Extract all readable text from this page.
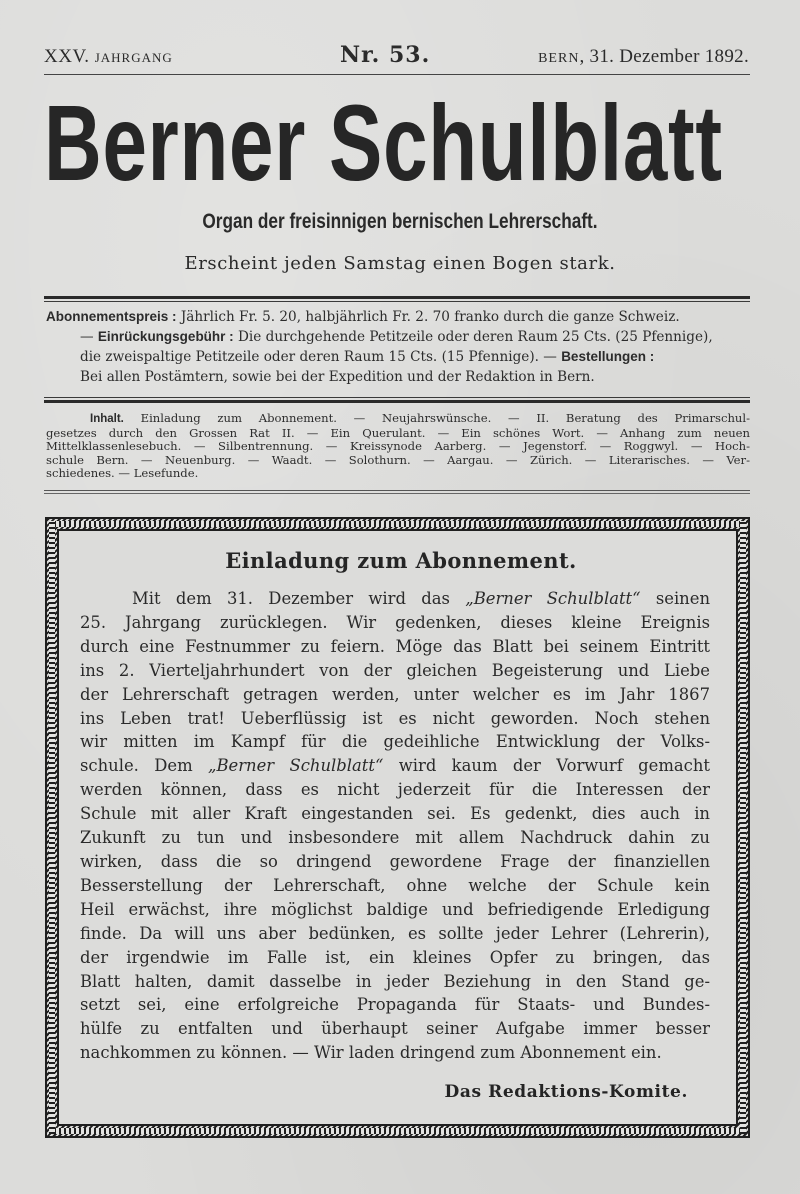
XXV. JAHRGANG	Nr. 53.	BERN, 31. Dezember 1892.
Berner Schulblatt
Organ der freisinnigen bernischen Lehrerschaft.
Erscheint jeden Samstag einen Bogen stark.
Abonnementspreis : Jährlich Fr. 5. 20, halbjährlich Fr. 2. 70 franko durch die ganze Schweiz.
— Einrückungsgebühr : Die durchgehende Petitzeile oder deren Raum 25 Cts. (25 Pfennige),
die zweispaltige Petitzeile oder deren Raum 15 Cts. (15 Pfennige). — Bestellungen :
Bei allen Postämtern, sowie bei der Expedition und der Redaktion in Bern.
Inhalt. Einladung zum Abonnement. — Neujahrswünsche. — II. Beratung des Primarschul-
gesetzes durch den Grossen Rat II. — Ein Querulant. — Ein schönes Wort. — Anhang zum neuen
Mittelklassenlesebuch. — Silbentrennung. — Kreissynode Aarberg. — Jegenstorf. — Roggwyl. — Hoch-
schule Bern. — Neuenburg. — Waadt. — Solothurn. — Aargau. — Zürich. — Literarisches. — Ver-
schiedenes. — Lesefunde.
Einladung zum Abonnement.
Mit dem 31. Dezember wird das „Berner Schulblatt“ seinen
25. Jahrgang zurücklegen. Wir gedenken, dieses kleine Ereignis
durch eine Festnummer zu feiern. Möge das Blatt bei seinem Eintritt
ins 2. Vierteljahrhundert von der gleichen Begeisterung und Liebe
der Lehrerschaft getragen werden, unter welcher es im Jahr 1867
ins Leben trat! Ueberflüssig ist es nicht geworden. Noch stehen
wir mitten im Kampf für die gedeihliche Entwicklung der Volks-
schule. Dem „Berner Schulblatt“ wird kaum der Vorwurf gemacht
werden können, dass es nicht jederzeit für die Interessen der
Schule mit aller Kraft eingestanden sei. Es gedenkt, dies auch in
Zukunft zu tun und insbesondere mit allem Nachdruck dahin zu
wirken, dass die so dringend gewordene Frage der finanziellen
Besserstellung der Lehrerschaft, ohne welche der Schule kein
Heil erwächst, ihre möglichst baldige und befriedigende Erledigung
finde. Da will uns aber bedünken, es sollte jeder Lehrer (Lehrerin),
der irgendwie im Falle ist, ein kleines Opfer zu bringen, das
Blatt halten, damit dasselbe in jeder Beziehung in den Stand ge-
setzt sei, eine erfolgreiche Propaganda für Staats- und Bundes-
hülfe zu entfalten und überhaupt seiner Aufgabe immer besser
nachkommen zu können. — Wir laden dringend zum Abonnement ein.
Das Redaktions-Komite.
